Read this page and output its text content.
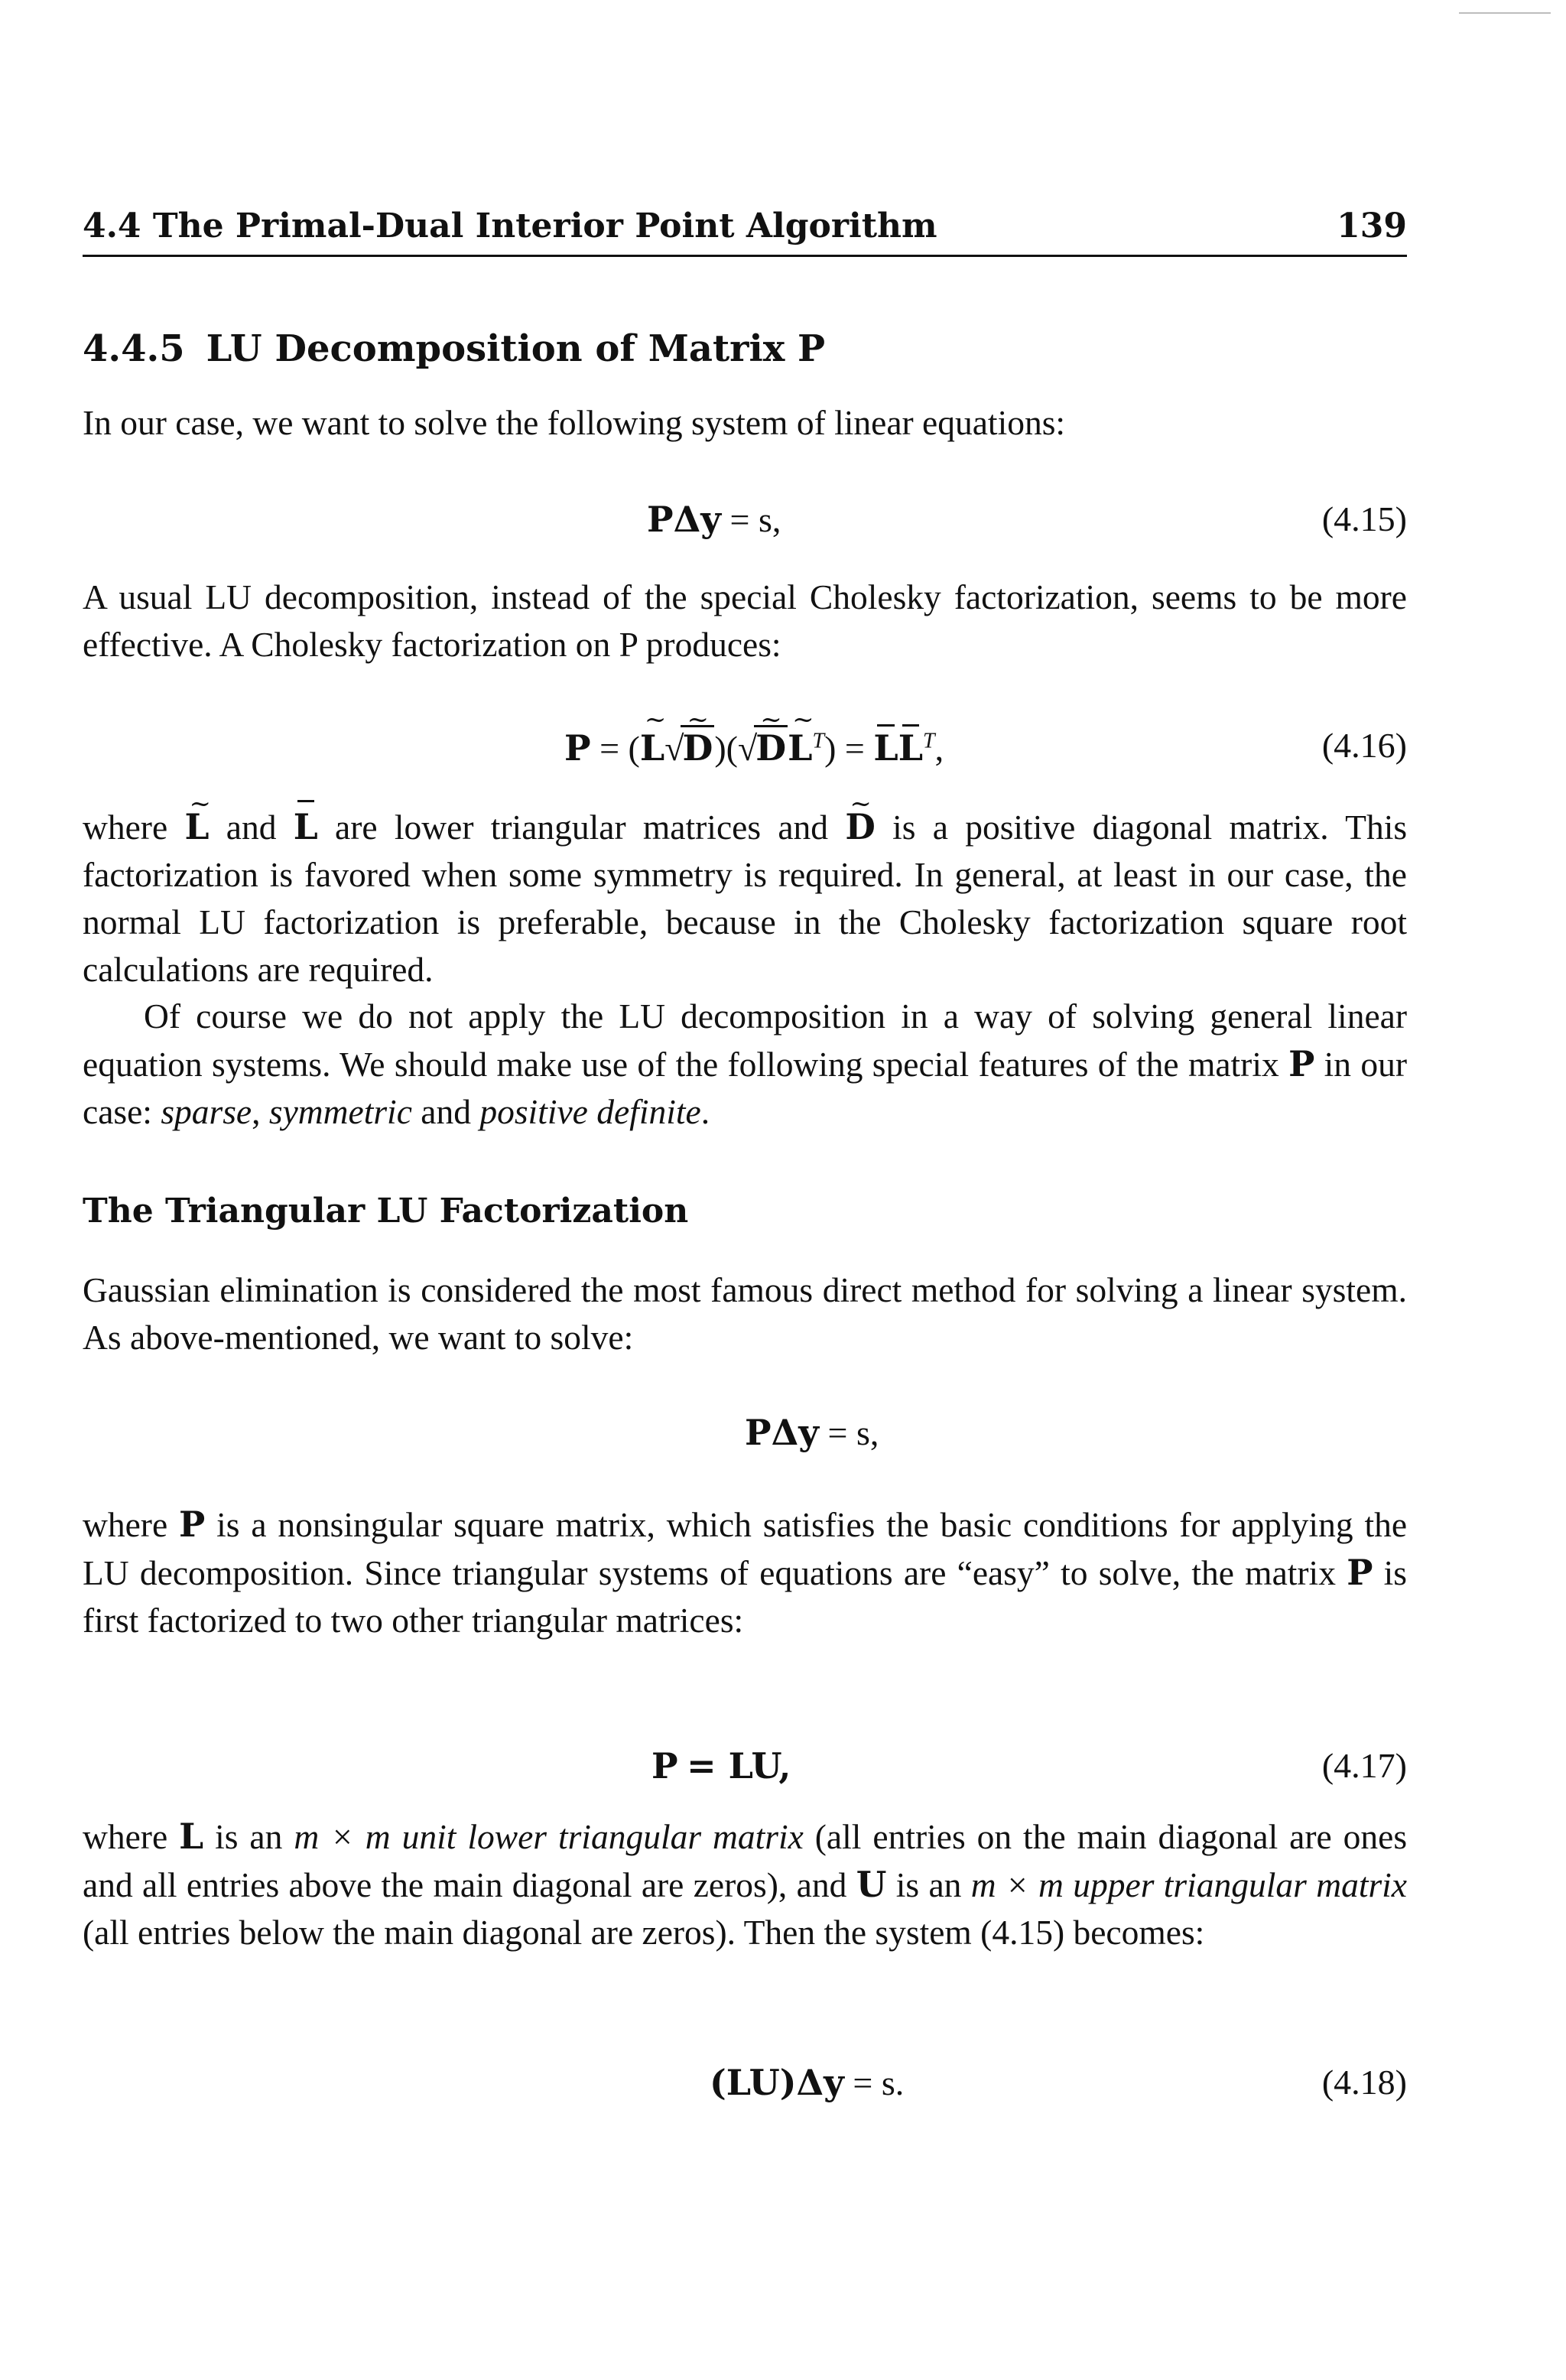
4.4 The Primal-Dual Interior Point Algorithm	139
4.4.5 LU Decomposition of Matrix P

In our case, we want to solve the following system of linear equations:

PΔy = s,	(4.15)

A usual LU decomposition, instead of the special Cholesky factorization, seems to be more effective. A Cholesky factorization on P produces:

P = (~ L√~ D)(√~ D~ $L^T) = LL^T$,	(4.16)

where ~ L and L are lower triangular matrices and ~ D is a positive diagonal matrix. This factorization is favored when some symmetry is required. In general, at least in our case, the normal LU factorization is preferable, because in the Cholesky factorization square root calculations are required.

Of course we do not apply the LU decomposition in a way of solving general linear equation systems. We should make use of the following special features of the matrix P in our case: sparse, symmetric and positive definite.

The Triangular LU Factorization

Gaussian elimination is considered the most famous direct method for solving a linear system. As above-mentioned, we want to solve:

PΔy = s,

where P is a nonsingular square matrix, which satisfies the basic conditions for applying the LU decomposition. Since triangular systems of equations are “easy” to solve, the matrix P is first factorized to two other triangular matrices:

P = LU,	(4.17)

where L is an m × m unit lower triangular matrix (all entries on the main diagonal are ones and all entries above the main diagonal are zeros), and U is an m × m upper triangular matrix (all entries below the main diagonal are zeros). Then the system (4.15) becomes:

(LU)Δy = s.	(4.18)
